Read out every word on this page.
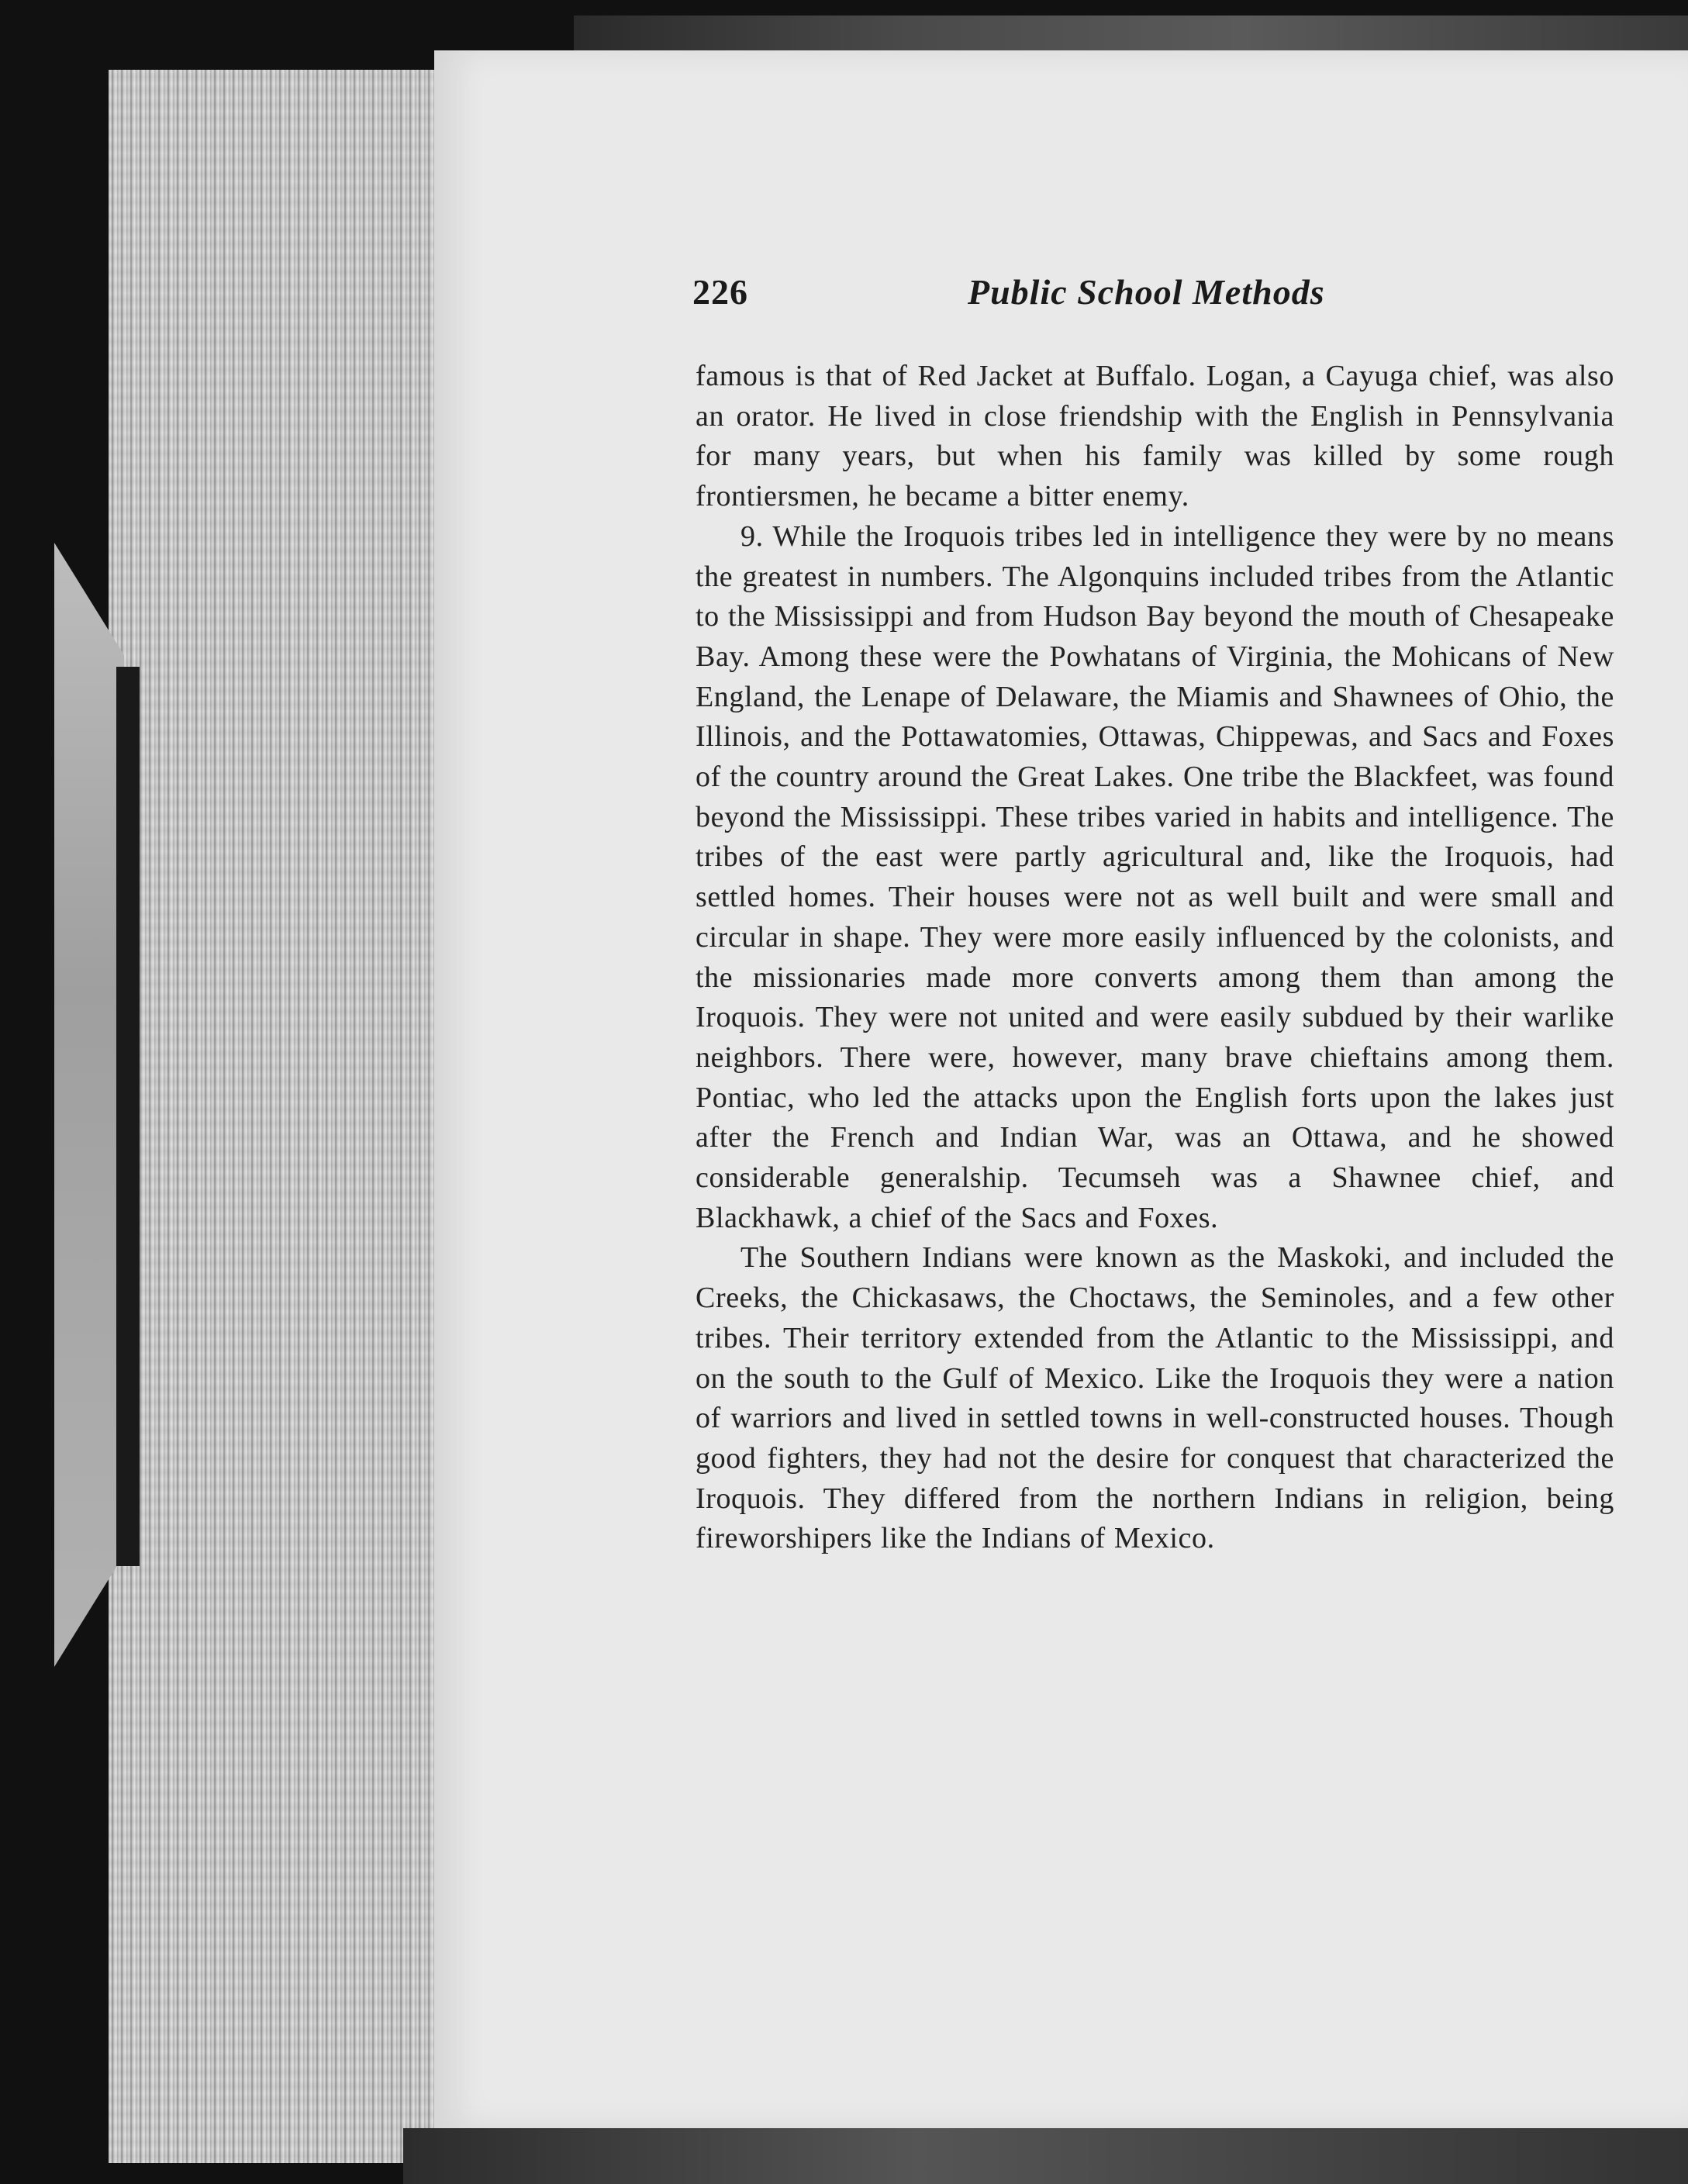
226	Public School Methods

famous is that of Red Jacket at Buffalo. Logan, a Cayuga chief, was also an orator. He lived in close friendship with the English in Pennsylvania for many years, but when his family was killed by some rough frontiersmen, he became a bitter enemy.

9. While the Iroquois tribes led in intelligence they were by no means the greatest in numbers. The Algonquins included tribes from the Atlantic to the Mississippi and from Hudson Bay beyond the mouth of Chesapeake Bay. Among these were the Powhatans of Virginia, the Mohicans of New England, the Lenape of Delaware, the Miamis and Shawnees of Ohio, the Illinois, and the Pottawatomies, Ottawas, Chippewas, and Sacs and Foxes of the country around the Great Lakes. One tribe the Blackfeet, was found beyond the Mississippi. These tribes varied in habits and intelligence. The tribes of the east were partly agricultural and, like the Iroquois, had settled homes. Their houses were not as well built and were small and circular in shape. They were more easily influenced by the colonists, and the missionaries made more converts among them than among the Iroquois. They were not united and were easily subdued by their warlike neighbors. There were, however, many brave chieftains among them. Pontiac, who led the attacks upon the English forts upon the lakes just after the French and Indian War, was an Ottawa, and he showed considerable generalship. Tecumseh was a Shawnee chief, and Blackhawk, a chief of the Sacs and Foxes.

The Southern Indians were known as the Maskoki, and included the Creeks, the Chickasaws, the Choctaws, the Seminoles, and a few other tribes. Their territory extended from the Atlantic to the Mississippi, and on the south to the Gulf of Mexico. Like the Iroquois they were a nation of warriors and lived in settled towns in well-constructed houses. Though good fighters, they had not the desire for conquest that characterized the Iroquois. They differed from the northern Indians in religion, being fireworshipers like the Indians of Mexico.
